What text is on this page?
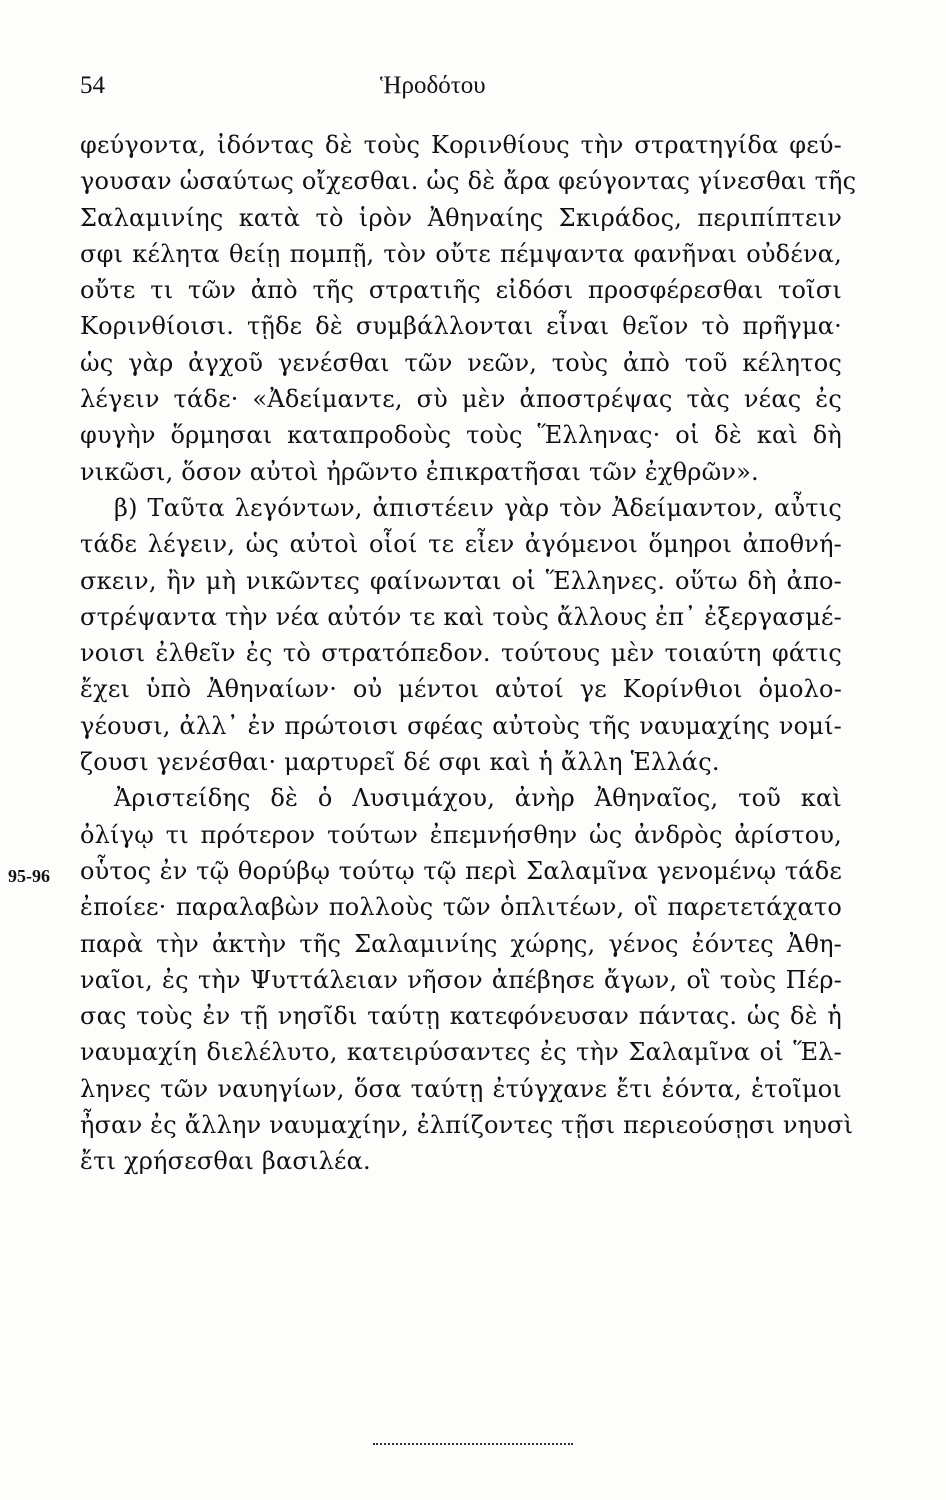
54	Ἡροδότου
95-96
φεύγοντα, ἰδόντας δὲ τοὺς Κορινθίους τὴν στρατηγίδα φεύ-
γουσαν ὡσαύτως οἴχεσθαι. ὡς δὲ ἄρα φεύγοντας γίνεσθαι τῆς
Σαλαμινίης κατὰ τὸ ἱρὸν Ἀθηναίης Σκιράδος, περιπίπτειν
σφι κέλητα θείῃ πομπῇ, τὸν οὔτε πέμψαντα φανῆναι οὐδένα,
οὔτε τι τῶν ἀπὸ τῆς στρατιῆς εἰδόσι προσφέρεσθαι τοῖσι
Κορινθίοισι. τῇδε δὲ συμβάλλονται εἶναι θεῖον τὸ πρῆγμα·
ὡς γὰρ ἀγχοῦ γενέσθαι τῶν νεῶν, τοὺς ἀπὸ τοῦ κέλητος
λέγειν τάδε· «Ἀδείμαντε, σὺ μὲν ἀποστρέψας τὰς νέας ἐς
φυγὴν ὅρμησαι καταπροδοὺς τοὺς Ἕλληνας· οἱ δὲ καὶ δὴ
νικῶσι, ὅσον αὐτοὶ ἠρῶντο ἐπικρατῆσαι τῶν ἐχθρῶν».
β) Ταῦτα λεγόντων, ἀπιστέειν γὰρ τὸν Ἀδείμαντον, αὖτις
τάδε λέγειν, ὡς αὐτοὶ οἷοί τε εἶεν ἀγόμενοι ὅμηροι ἀποθνή-
σκειν, ἢν μὴ νικῶντες φαίνωνται οἱ Ἕλληνες. οὕτω δὴ ἀπο-
στρέψαντα τὴν νέα αὐτόν τε καὶ τοὺς ἄλλους ἐπ᾽ ἐξεργασμέ-
νοισι ἐλθεῖν ἐς τὸ στρατόπεδον. τούτους μὲν τοιαύτη φάτις
ἔχει ὑπὸ Ἀθηναίων· οὐ μέντοι αὐτοί γε Κορίνθιοι ὁμολο-
γέουσι, ἀλλ᾽ ἐν πρώτοισι σφέας αὐτοὺς τῆς ναυμαχίης νομί-
ζουσι γενέσθαι· μαρτυρεῖ δέ σφι καὶ ἡ ἄλλη Ἑλλάς.
Ἀριστείδης δὲ ὁ Λυσιμάχου, ἀνὴρ Ἀθηναῖος, τοῦ καὶ
ὀλίγῳ τι πρότερον τούτων ἐπεμνήσθην ὡς ἀνδρὸς ἀρίστου,
οὗτος ἐν τῷ θορύβῳ τούτῳ τῷ περὶ Σαλαμῖνα γενομένῳ τάδε
ἐποίεε· παραλαβὼν πολλοὺς τῶν ὁπλιτέων, οἳ παρετετάχατο
παρὰ τὴν ἀκτὴν τῆς Σαλαμινίης χώρης, γένος ἐόντες Ἀθη-
ναῖοι, ἐς τὴν Ψυττάλειαν νῆσον ἀπέβησε ἄγων, οἳ τοὺς Πέρ-
σας τοὺς ἐν τῇ νησῖδι ταύτῃ κατεφόνευσαν πάντας. ὡς δὲ ἡ
ναυμαχίη διελέλυτο, κατειρύσαντες ἐς τὴν Σαλαμῖνα οἱ Ἕλ-
ληνες τῶν ναυηγίων, ὅσα ταύτῃ ἐτύγχανε ἔτι ἐόντα, ἑτοῖμοι
ἦσαν ἐς ἄλλην ναυμαχίην, ἐλπίζοντες τῇσι περιεούσῃσι νηυσὶ
ἔτι χρήσεσθαι βασιλέα.
